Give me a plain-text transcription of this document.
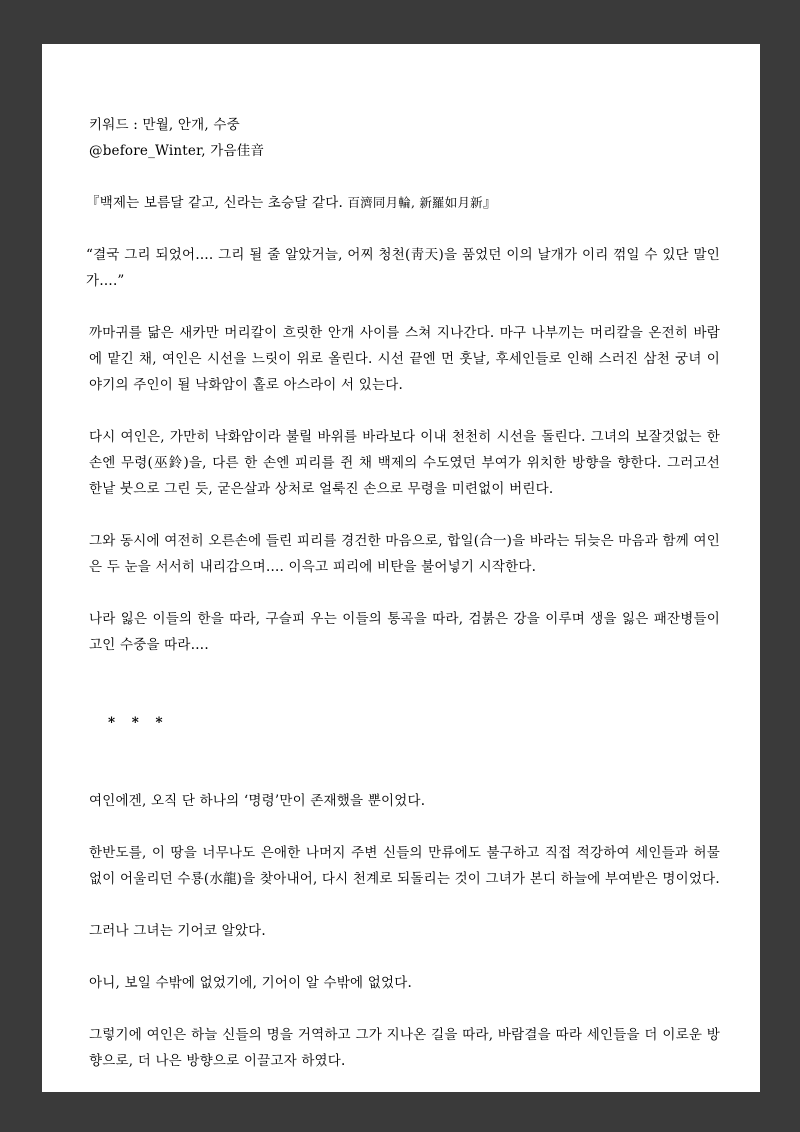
키워드 : 만월, 안개, 수중

@before_Winter, 가음佳音

『백제는 보름달 같고, 신라는 초승달 같다. 百濟同月輪, 新羅如月新』

“결국 그리 되었어…. 그리 될 줄 알았거늘, 어찌 청천(靑天)을 품었던 이의 날개가 이리 꺾일 수 있단 말인가….”

까마귀를 닮은 새카만 머리칼이 흐릿한 안개 사이를 스쳐 지나간다. 마구 나부끼는 머리칼을 온전히 바람에 맡긴 채, 여인은 시선을 느릿이 위로 올린다. 시선 끝엔 먼 훗날, 후세인들로 인해 스러진 삼천 궁녀 이야기의 주인이 될 낙화암이 홀로 아스라이 서 있는다.

다시 여인은, 가만히 낙화암이라 불릴 바위를 바라보다 이내 천천히 시선을 돌린다. 그녀의 보잘것없는 한 손엔 무령(巫鈴)을, 다른 한 손엔 피리를 쥔 채 백제의 수도였던 부여가 위치한 방향을 향한다. 그러고선 한낱 붓으로 그린 듯, 굳은살과 상처로 얼룩진 손으로 무령을 미련없이 버린다.

그와 동시에 여전히 오른손에 들린 피리를 경건한 마음으로, 합일(合一)을 바라는 뒤늦은 마음과 함께 여인은 두 눈을 서서히 내리감으며…. 이윽고 피리에 비탄을 불어넣기 시작한다.

나라 잃은 이들의 한을 따라, 구슬피 우는 이들의 통곡을 따라, 검붉은 강을 이루며 생을 잃은 패잔병들이 고인 수중을 따라….

* * *

여인에겐, 오직 단 하나의 ‘명령’만이 존재했을 뿐이었다.

한반도를, 이 땅을 너무나도 은애한 나머지 주변 신들의 만류에도 불구하고 직접 적강하여 세인들과 허물없이 어울리던 수룡(水龍)을 찾아내어, 다시 천계로 되돌리는 것이 그녀가 본디 하늘에 부여받은 명이었다.

그러나 그녀는 기어코 알았다.

아니, 보일 수밖에 없었기에, 기어이 알 수밖에 없었다.

그렇기에 여인은 하늘 신들의 명을 거역하고 그가 지나온 길을 따라, 바람결을 따라 세인들을 더 이로운 방향으로, 더 나은 방향으로 이끌고자 하였다.
